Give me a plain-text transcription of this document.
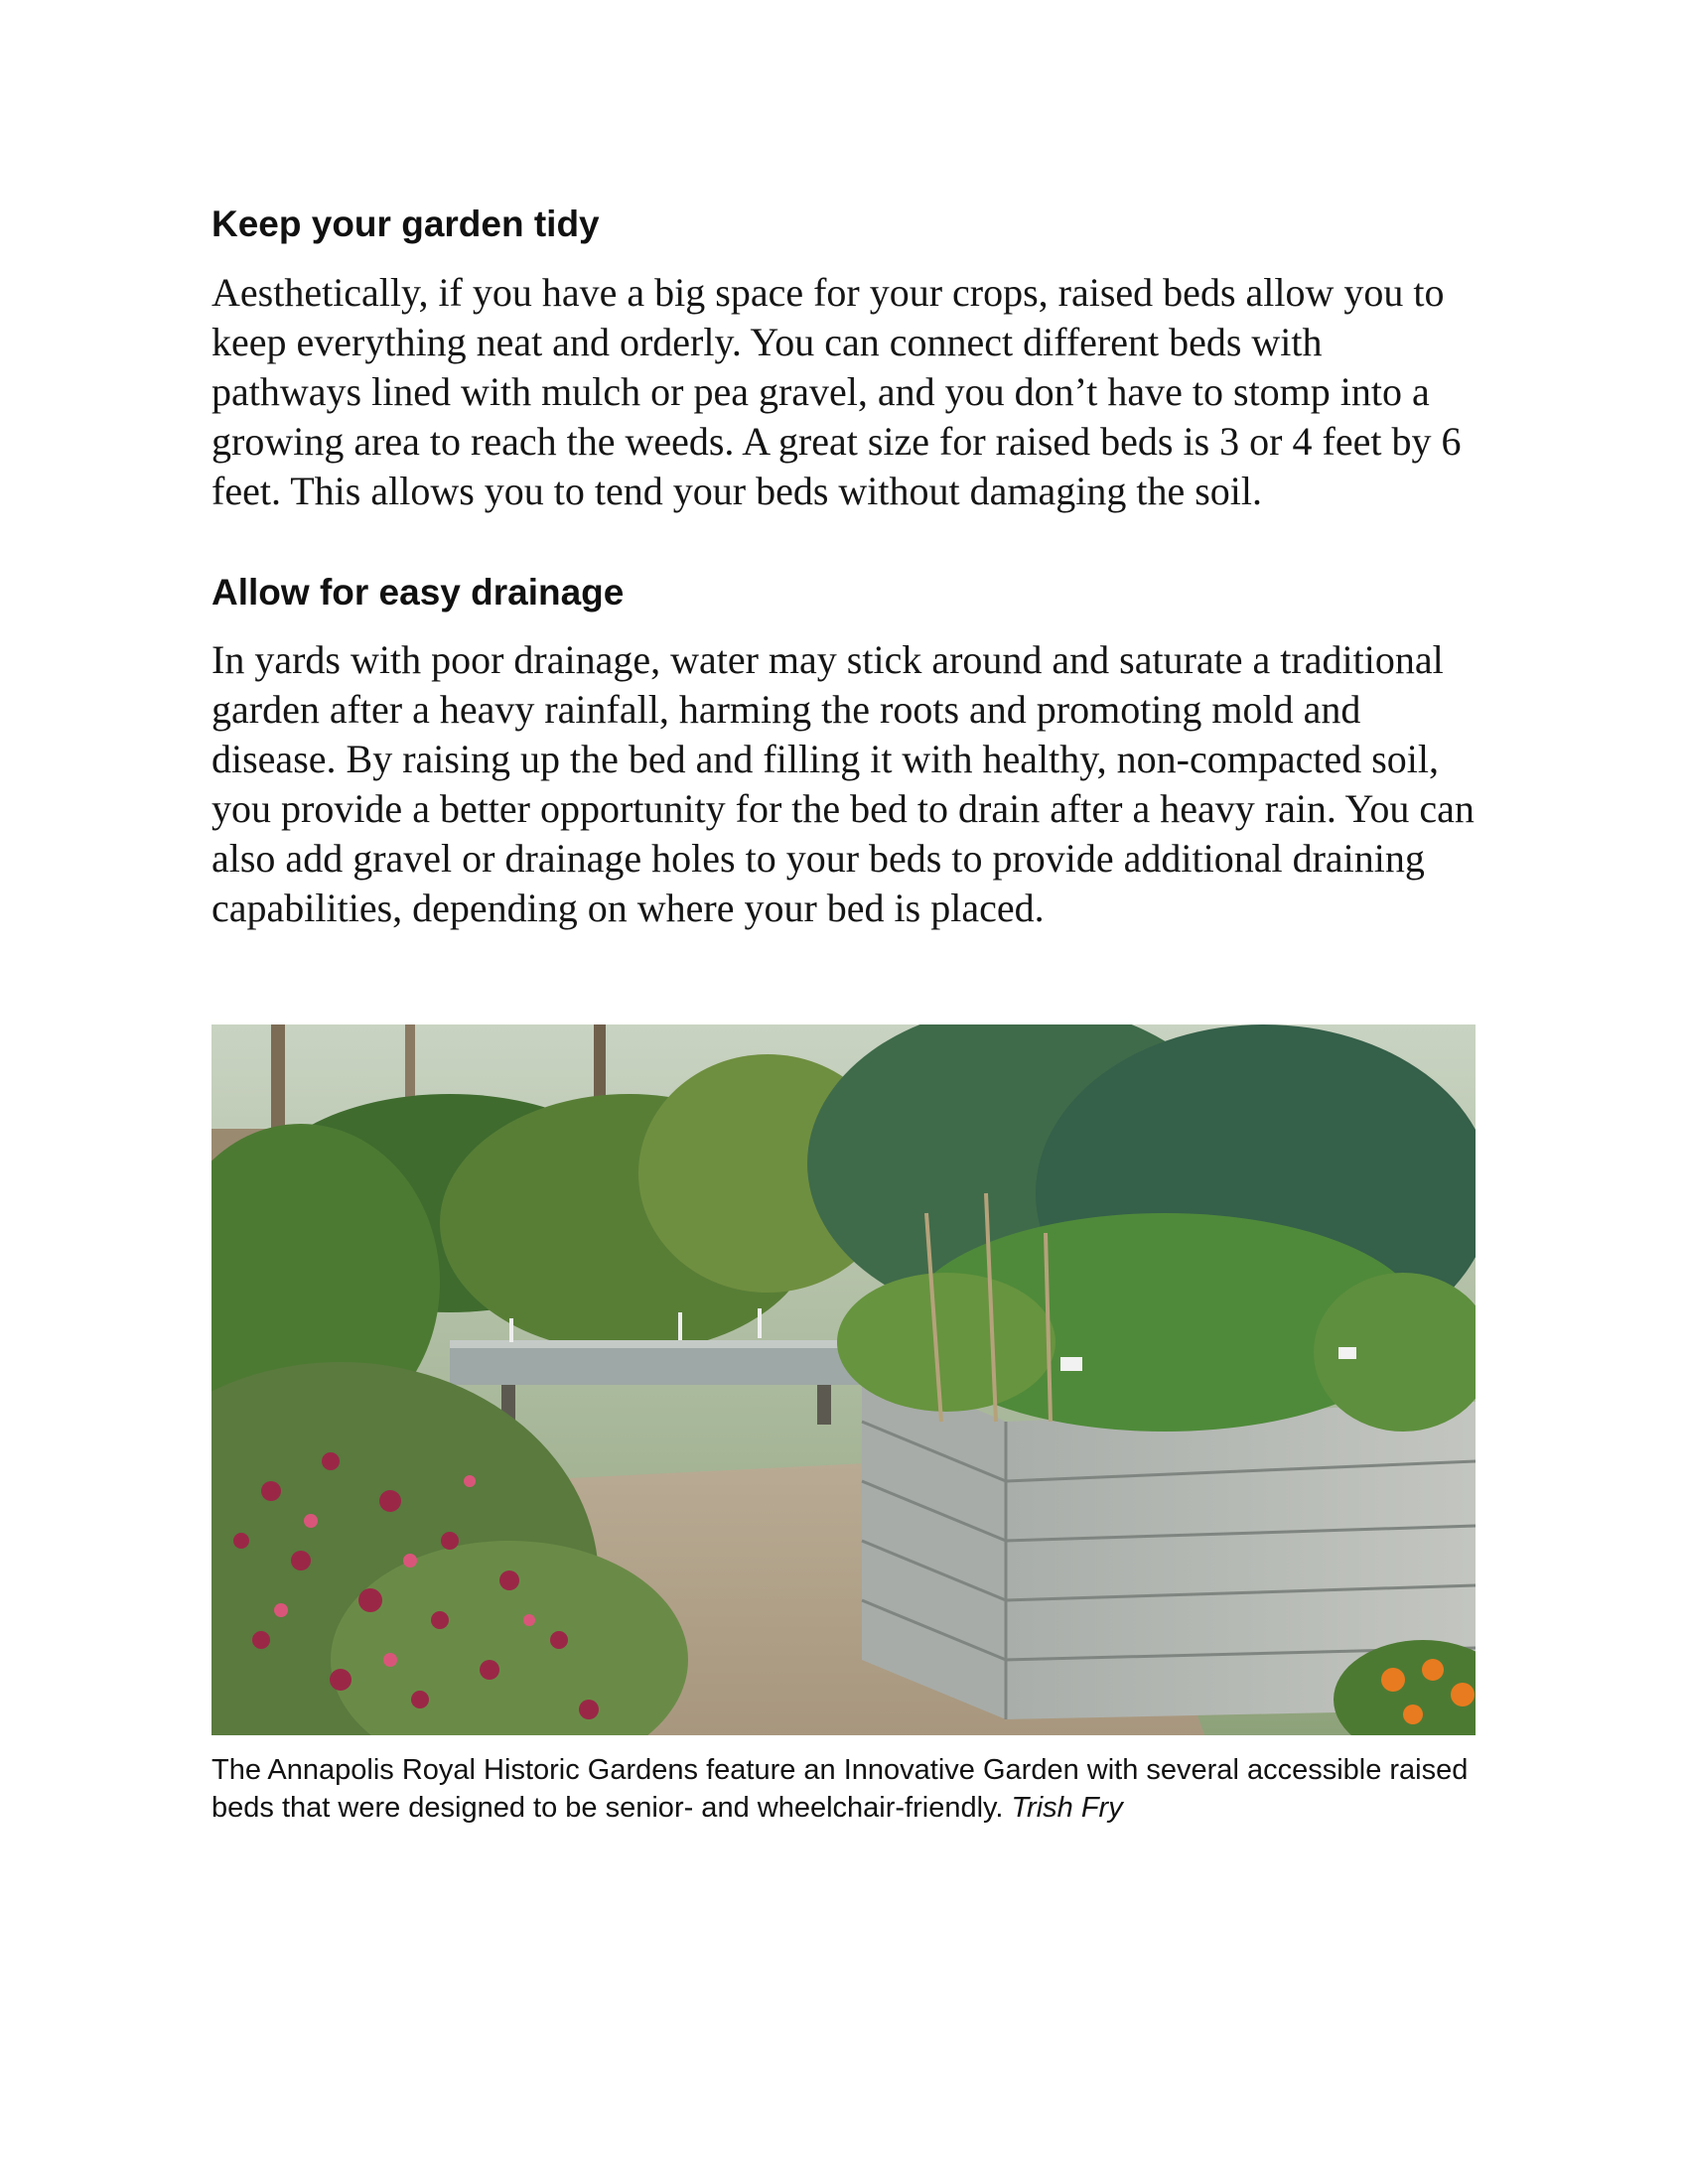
Keep your garden tidy

Aesthetically, if you have a big space for your crops, raised beds allow you to keep everything neat and orderly. You can connect different beds with pathways lined with mulch or pea gravel, and you don’t have to stomp into a growing area to reach the weeds. A great size for raised beds is 3 or 4 feet by 6 feet. This allows you to tend your beds without damaging the soil.

Allow for easy drainage

In yards with poor drainage, water may stick around and saturate a traditional garden after a heavy rainfall, harming the roots and promoting mold and disease. By raising up the bed and filling it with healthy, non-compacted soil, you provide a better opportunity for the bed to drain after a heavy rain. You can also add gravel or drainage holes to your beds to provide additional draining capabilities, depending on where your bed is placed.

The Annapolis Royal Historic Gardens feature an Innovative Garden with several accessible raised beds that were designed to be senior- and wheelchair-friendly. Trish Fry
